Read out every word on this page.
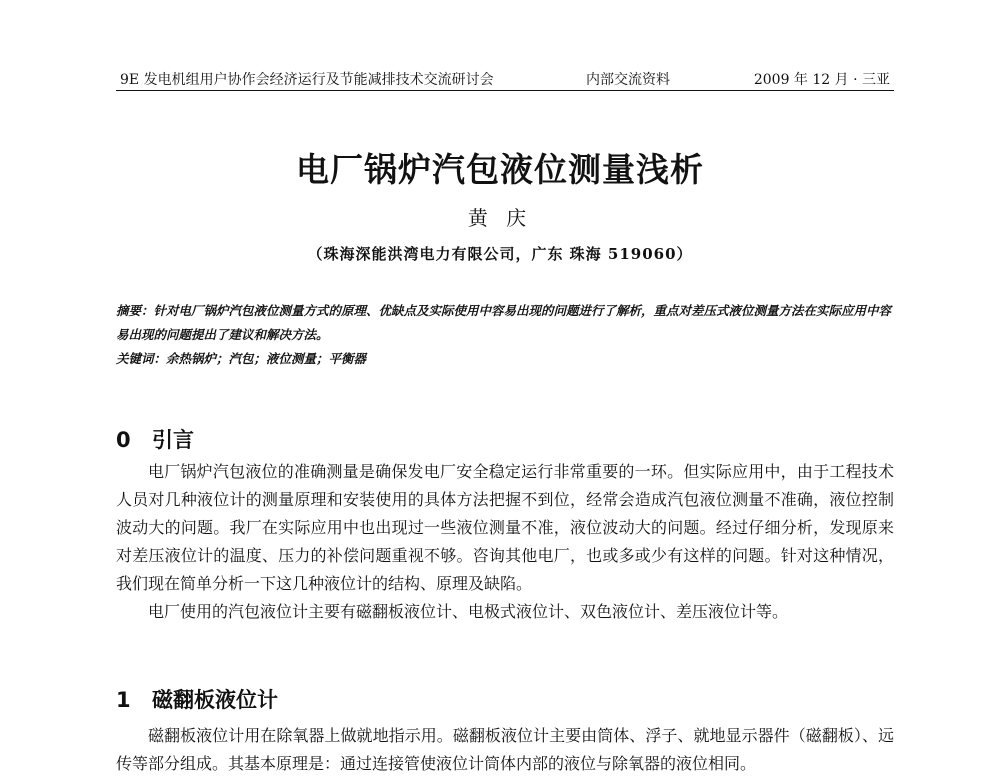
9E 发电机组用户协作会经济运行及节能减排技术交流研讨会	内部交流资料	2009 年 12 月 · 三亚
电厂锅炉汽包液位测量浅析
黄 庆
（珠海深能洪湾电力有限公司，广东 珠海 519060）

摘要：针对电厂锅炉汽包液位测量方式的原理、优缺点及实际使用中容易出现的问题进行了解析，重点对差压式液位测量方法在实际应用中容易出现的问题提出了建议和解决方法。

关键词：余热锅炉；汽包；液位测量；平衡器

0 引言

电厂锅炉汽包液位的准确测量是确保发电厂安全稳定运行非常重要的一环。但实际应用中，由于工程技术人员对几种液位计的测量原理和安装使用的具体方法把握不到位，经常会造成汽包液位测量不准确，液位控制波动大的问题。我厂在实际应用中也出现过一些液位测量不准，液位波动大的问题。经过仔细分析，发现原来对差压液位计的温度、压力的补偿问题重视不够。咨询其他电厂，也或多或少有这样的问题。针对这种情况，我们现在简单分析一下这几种液位计的结构、原理及缺陷。

电厂使用的汽包液位计主要有磁翻板液位计、电极式液位计、双色液位计、差压液位计等。

1 磁翻板液位计

磁翻板液位计用在除氧器上做就地指示用。磁翻板液位计主要由筒体、浮子、就地显示器件（磁翻板）、远传等部分组成。其基本原理是：通过连接管使液位计筒体内部的液位与除氧器的液位相同。
